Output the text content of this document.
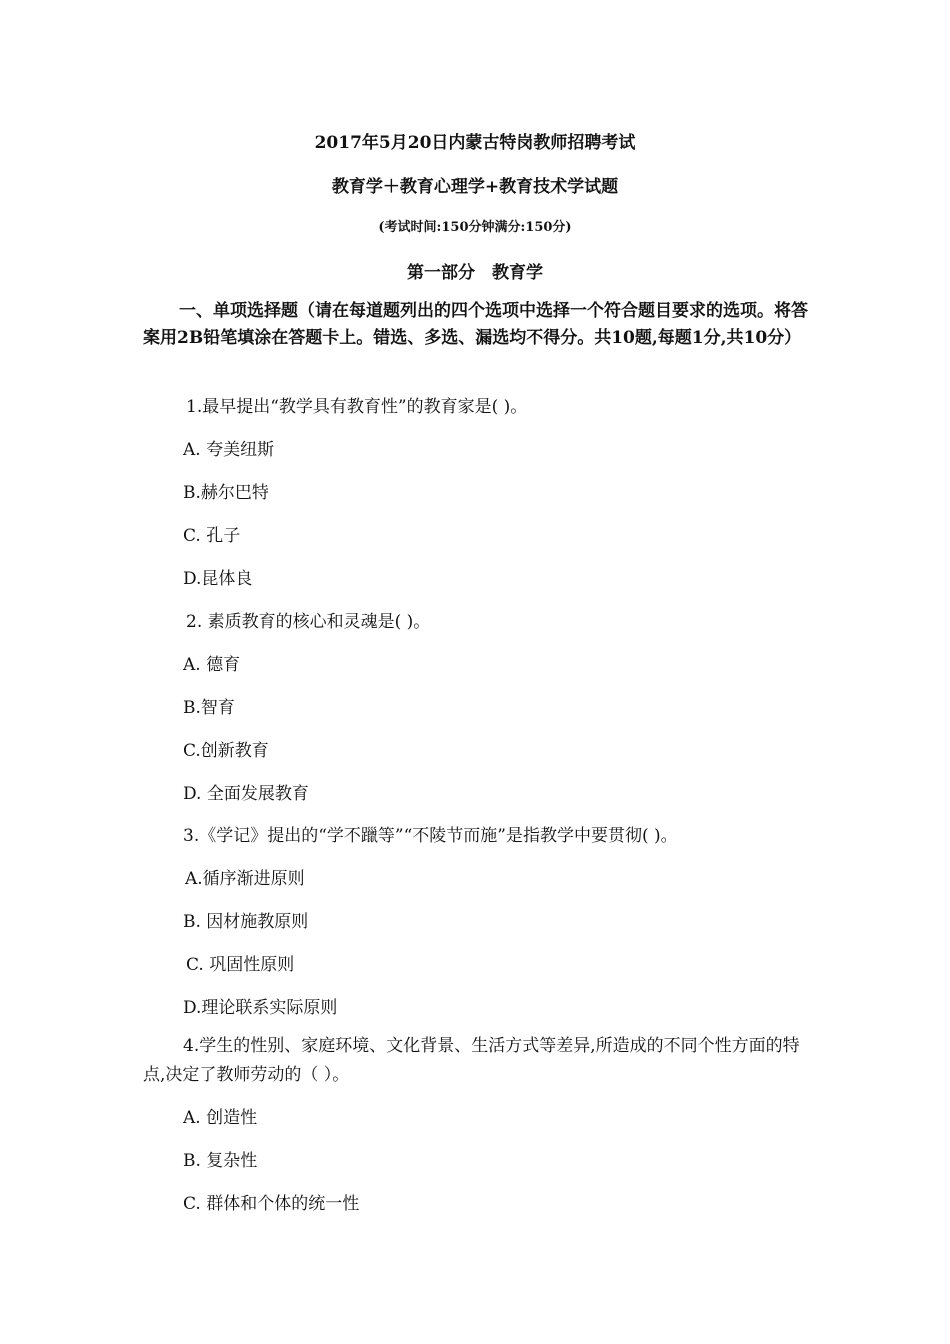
2017年5月20日内蒙古特岗教师招聘考试
教育学＋教育心理学+教育技术学试题
(考试时间:150分钟满分:150分)
第一部分　教育学
一、单项选择题（请在每道题列出的四个选项中选择一个符合题目要求的选项。将答案用2B铅笔填涂在答题卡上。错选、多选、漏选均不得分。共10题,每题1分,共10分）
1.最早提出“教学具有教育性”的教育家是( )。
A. 夸美纽斯
B.赫尔巴特
C. 孔子
D.昆体良
2. 素质教育的核心和灵魂是( )。
A. 德育
B.智育
C.创新教育
D. 全面发展教育
3.《学记》提出的“学不躐等”“不陵节而施”是指教学中要贯彻( )。
A.循序渐进原则
B. 因材施教原则
C. 巩固性原则
D.理论联系实际原则
4.学生的性别、家庭环境、文化背景、生活方式等差异,所造成的不同个性方面的特点,决定了教师劳动的（ ）。
A. 创造性
B. 复杂性
C. 群体和个体的统一性
